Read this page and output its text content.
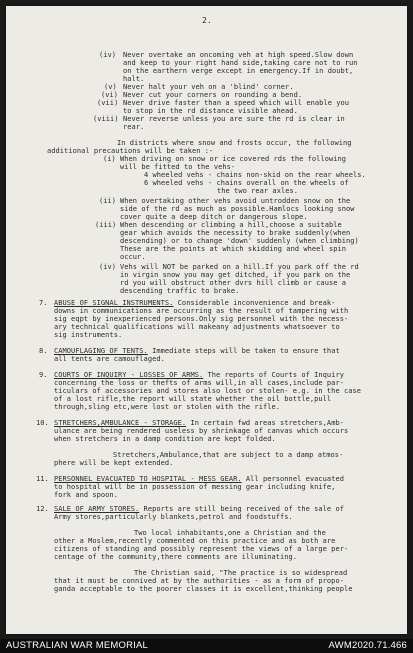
2.
(iv) Never overtake an oncoming veh at high speed.Slow down
and keep to your right hand side,taking care not to run
on the earthern verge except in emergency.If in doubt,
halt.
(v) Never halt your veh on a 'blind' corner.
(vi) Never cut your corners on rounding a bend.
(vii) Never drive faster than a speed which will enable you
to stop in the rd distance visible ahead.
(viii) Never reverse unless you are sure the rd is clear in
rear.
In districts where snow and frosts occur, the following
additional precautions will be taken :-
(i) When driving on snow or ice covered rds the following
will be fitted to the vehs-
4 wheeled vehs - chains non-skid on the rear wheels.
6 wheeled vehs - chains overall on the wheels of
the two rear axles.
(ii) When overtaking other vehs avoid untrodden snow on the
side of the rd as much as possible.Hamlocs looking snow
cover quite a deep ditch or dangerous slope.
(iii) When descending or climbing a hill,choose a suitable
gear which avoids the necessity to brake suddenly(when
descending) or to change 'down' suddenly (when climbing)
These are the points at which skidding and wheel spin
occur.
(iv) Vehs will NOT be parked on a hill.If you park off the rd
in virgin snow you may get ditched, if you park on the
rd you will obstruct other dvrs hill climb or cause a
descending traffic to brake.
7. ABUSE OF SIGNAL INSTRUMENTS. Considerable inconvenience and break-
downs in communications are occurring as the result of tampering with
sig eqpt by inexperienced persons.Only sig personnel with the necess-
ary technical qualifications will makeany adjustments whatsoever to
sig instruments.
8. CAMOUFLAGING OF TENTS. Immediate steps will be taken to ensure that
all tents are camouflaged.
9. COURTS OF INQUIRY - LOSSES OF ARMS. The reports of Courts of Inquiry
concerning the loss or thefts of arms will,in all cases,include par-
ticulars of accessories and stores also lost or stolen- e.g. in the case
of a lost rifle,the report will state whether the oil bottle,pull
through,sling etc,were lost or stolen with the rifle.
10. STRETCHERS,AMBULANCE - STORAGE. In certain fwd areas stretchers,Amb-
ulance are being rendered useless by shrinkage of canvas which occurs
when stretchers in a damp condition are kept folded.
Stretchers,Ambulance,that are subject to a damp atmos-
phere will be kept extended.
11. PERSONNEL EVACUATED TO HOSPITAL - MESS GEAR. All personnel evacuated
to hospital will be in possession of messing gear including knife,
fork and spoon.
12. SALE OF ARMY STORES. Reports are still being received of the sale of
Army stores,particularly blankets,petrol and foodstuffs.
Two local inhabitants,one a Christian and the
other a Moslem,recently commented on this practice and as both are
citizens of standing and possibly represent the views of a large per-
centage of the community,there comments are illuminating.
The Christian said, "The practice is so widespread
that it must be connived at by the authorities - as a form of propo-
ganda acceptable to the poorer classes it is excellent,thinking people
AUSTRALIAN WAR MEMORIAL	AWM2020.71.466
